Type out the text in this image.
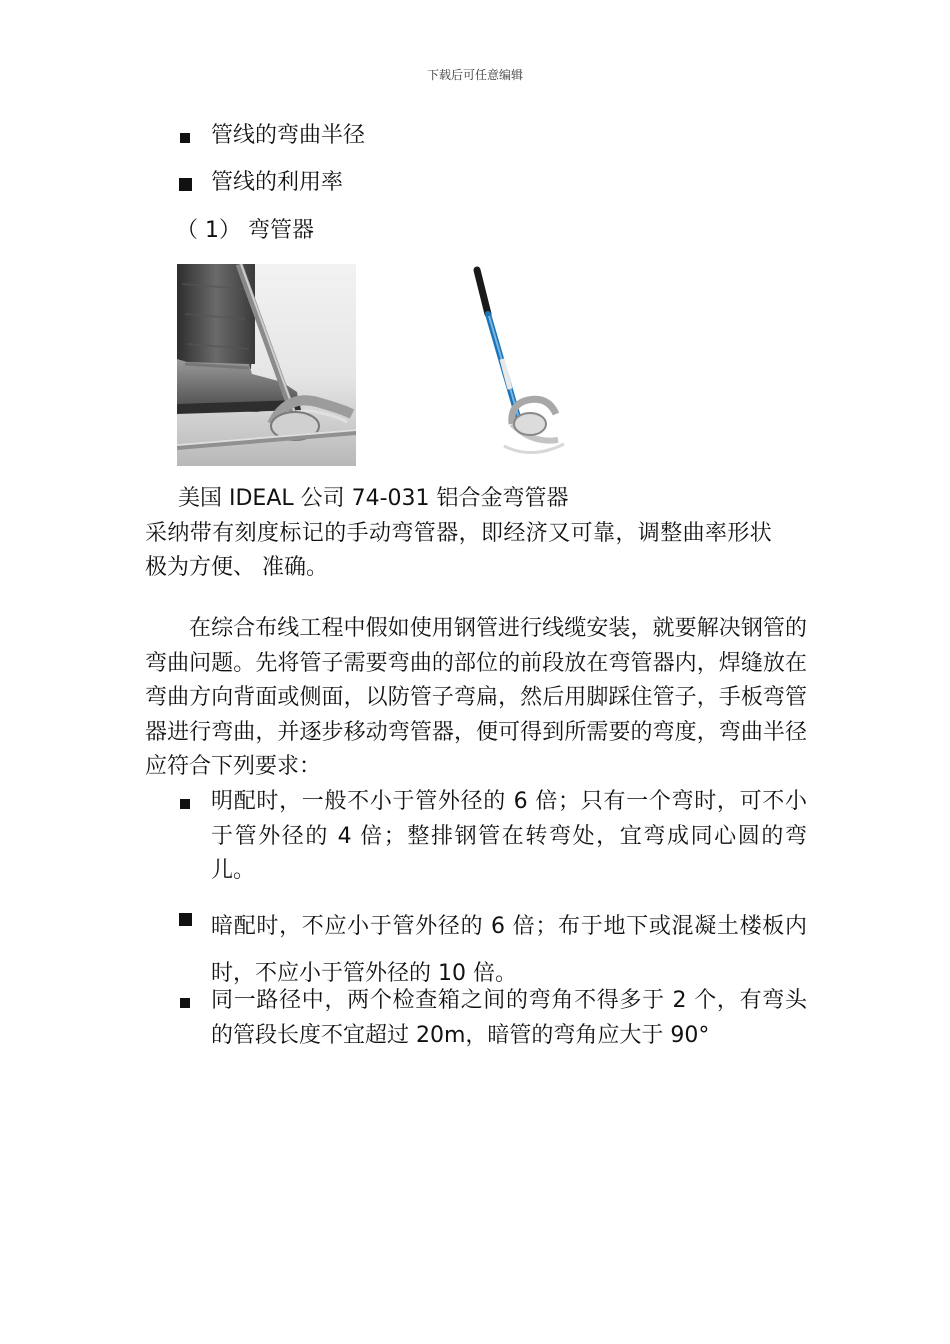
下载后可任意编辑
管线的弯曲半径
管线的利用率
（ 1） 弯管器
美国 IDEAL 公司 74-031 铝合金弯管器
采纳带有刻度标记的手动弯管器，即经济又可靠，调整曲率形状
极为方便、 准确。
在综合布线工程中假如使用钢管进行线缆安装，就要解决钢管的弯曲问题。先将管子需要弯曲的部位的前段放在弯管器内，焊缝放在弯曲方向背面或侧面，以防管子弯扁，然后用脚踩住管子，手板弯管器进行弯曲，并逐步移动弯管器，便可得到所需要的弯度，弯曲半径应符合下列要求：
明配时，一般不小于管外径的 6 倍；只有一个弯时，可不小于管外径的 4 倍；整排钢管在转弯处，宜弯成同心圆的弯儿。
暗配时，不应小于管外径的 6 倍；布于地下或混凝土楼板内时，不应小于管外径的 10 倍。
同一路径中，两个检查箱之间的弯角不得多于 2 个，有弯头的管段长度不宜超过 20m，暗管的弯角应大于 90°
